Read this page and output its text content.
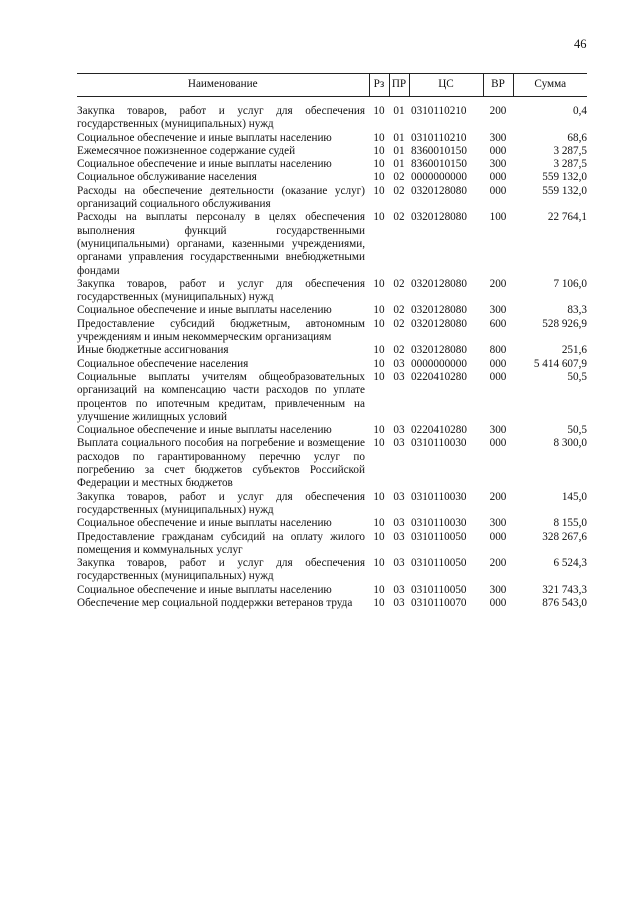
46
Наименование	Рз	ПР	ЦС	ВР	Сумма

Закупка товаров, работ и услуг для обеспечения государственных (муниципальных) нужд	10	01	0310110210	200	0,4
Социальное обеспечение и иные выплаты населению	10	01	0310110210	300	68,6
Ежемесячное пожизненное содержание судей	10	01	8360010150	000	3 287,5
Социальное обеспечение и иные выплаты населению	10	01	8360010150	300	3 287,5
Социальное обслуживание населения	10	02	0000000000	000	559 132,0
Расходы на обеспечение деятельности (оказание услуг) организаций социального обслуживания	10	02	0320128080	000	559 132,0
Расходы на выплаты персоналу в целях обеспечения выполнения функций государственными (муниципальными) органами, казенными учреждениями, органами управления государственными внебюджетными фондами	10	02	0320128080	100	22 764,1
Закупка товаров, работ и услуг для обеспечения государственных (муниципальных) нужд	10	02	0320128080	200	7 106,0
Социальное обеспечение и иные выплаты населению	10	02	0320128080	300	83,3
Предоставление субсидий бюджетным, автономным учреждениям и иным некоммерческим организациям	10	02	0320128080	600	528 926,9
Иные бюджетные ассигнования	10	02	0320128080	800	251,6
Социальное обеспечение населения	10	03	0000000000	000	5 414 607,9
Социальные выплаты учителям общеобразовательных организаций на компенсацию части расходов по уплате процентов по ипотечным кредитам, привлеченным на улучшение жилищных условий	10	03	0220410280	000	50,5
Социальное обеспечение и иные выплаты населению	10	03	0220410280	300	50,5
Выплата социального пособия на погребение и возмещение расходов по гарантированному перечню услуг по погребению за счет бюджетов субъектов Российской Федерации и местных бюджетов	10	03	0310110030	000	8 300,0
Закупка товаров, работ и услуг для обеспечения государственных (муниципальных) нужд	10	03	0310110030	200	145,0
Социальное обеспечение и иные выплаты населению	10	03	0310110030	300	8 155,0
Предоставление гражданам субсидий на оплату жилого помещения и коммунальных услуг	10	03	0310110050	000	328 267,6
Закупка товаров, работ и услуг для обеспечения государственных (муниципальных) нужд	10	03	0310110050	200	6 524,3
Социальное обеспечение и иные выплаты населению	10	03	0310110050	300	321 743,3
Обеспечение мер социальной поддержки ветеранов труда	10	03	0310110070	000	876 543,0
